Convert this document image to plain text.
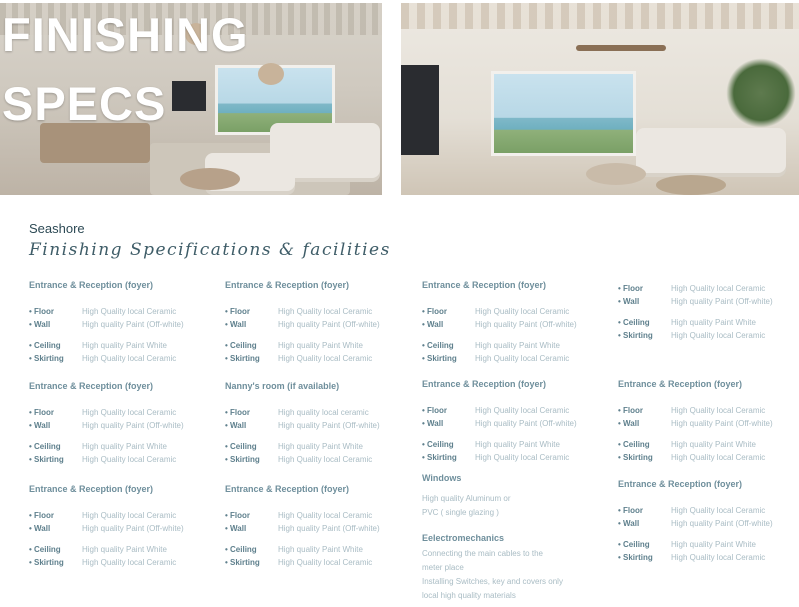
FINISHING
SPECS
Seashore
Finishing Specifications & facilities
Entrance & Reception (foyer)
• Floor	High Quality local Ceramic
• Wall	High quality Paint (Off-white)
• Ceiling	High quality Paint White
• Skirting High Quality local Ceramic
Entrance & Reception (foyer)
• Floor	High Quality local Ceramic
• Wall	High quality Paint (Off-white)
• Ceiling	High quality Paint White
• Skirting High Quality local Ceramic
Entrance & Reception (foyer)
• Floor	High Quality local Ceramic
• Wall	High quality Paint (Off-white)
• Ceiling	High quality Paint White
• Skirting High Quality local Ceramic
• Floor	High Quality local Ceramic
• Wall	High quality Paint (Off-white)
• Ceiling	High quality Paint White
• Skirting High Quality local Ceramic
Entrance & Reception (foyer)
• Floor	High Quality local Ceramic
• Wall	High quality Paint (Off-white)
• Ceiling	High quality Paint White
• Skirting High Quality local Ceramic
Nanny's room (if available)
• Floor	High quality local ceramic
• Wall	High quality Paint (Off-white)
• Ceiling	High quality Paint White
• Skirting High Quality local Ceramic
Entrance & Reception (foyer)
• Floor	High Quality local Ceramic
• Wall	High quality Paint (Off-white)
• Ceiling	High quality Paint White
• Skirting High Quality local Ceramic
Entrance & Reception (foyer)
• Floor	High Quality local Ceramic
• Wall	High quality Paint (Off-white)
• Ceiling	High quality Paint White
• Skirting High Quality local Ceramic
Entrance & Reception (foyer)
• Floor	High Quality local Ceramic
• Wall	High quality Paint (Off-white)
• Ceiling	High quality Paint White
• Skirting High Quality local Ceramic
Entrance & Reception (foyer)
• Floor	High Quality local Ceramic
• Wall	High quality Paint (Off-white)
• Ceiling	High quality Paint White
• Skirting High Quality local Ceramic
Entrance & Reception (foyer)
• Floor	High Quality local Ceramic
• Wall	High quality Paint (Off-white)
• Ceiling	High quality Paint White
• Skirting High Quality local Ceramic
Windows
High quality Aluminum or
PVC ( single glazing )
Eelectromechanics
Connecting the main cables to the
meter place
Installing Switches, key and covers only
local high quality materials
